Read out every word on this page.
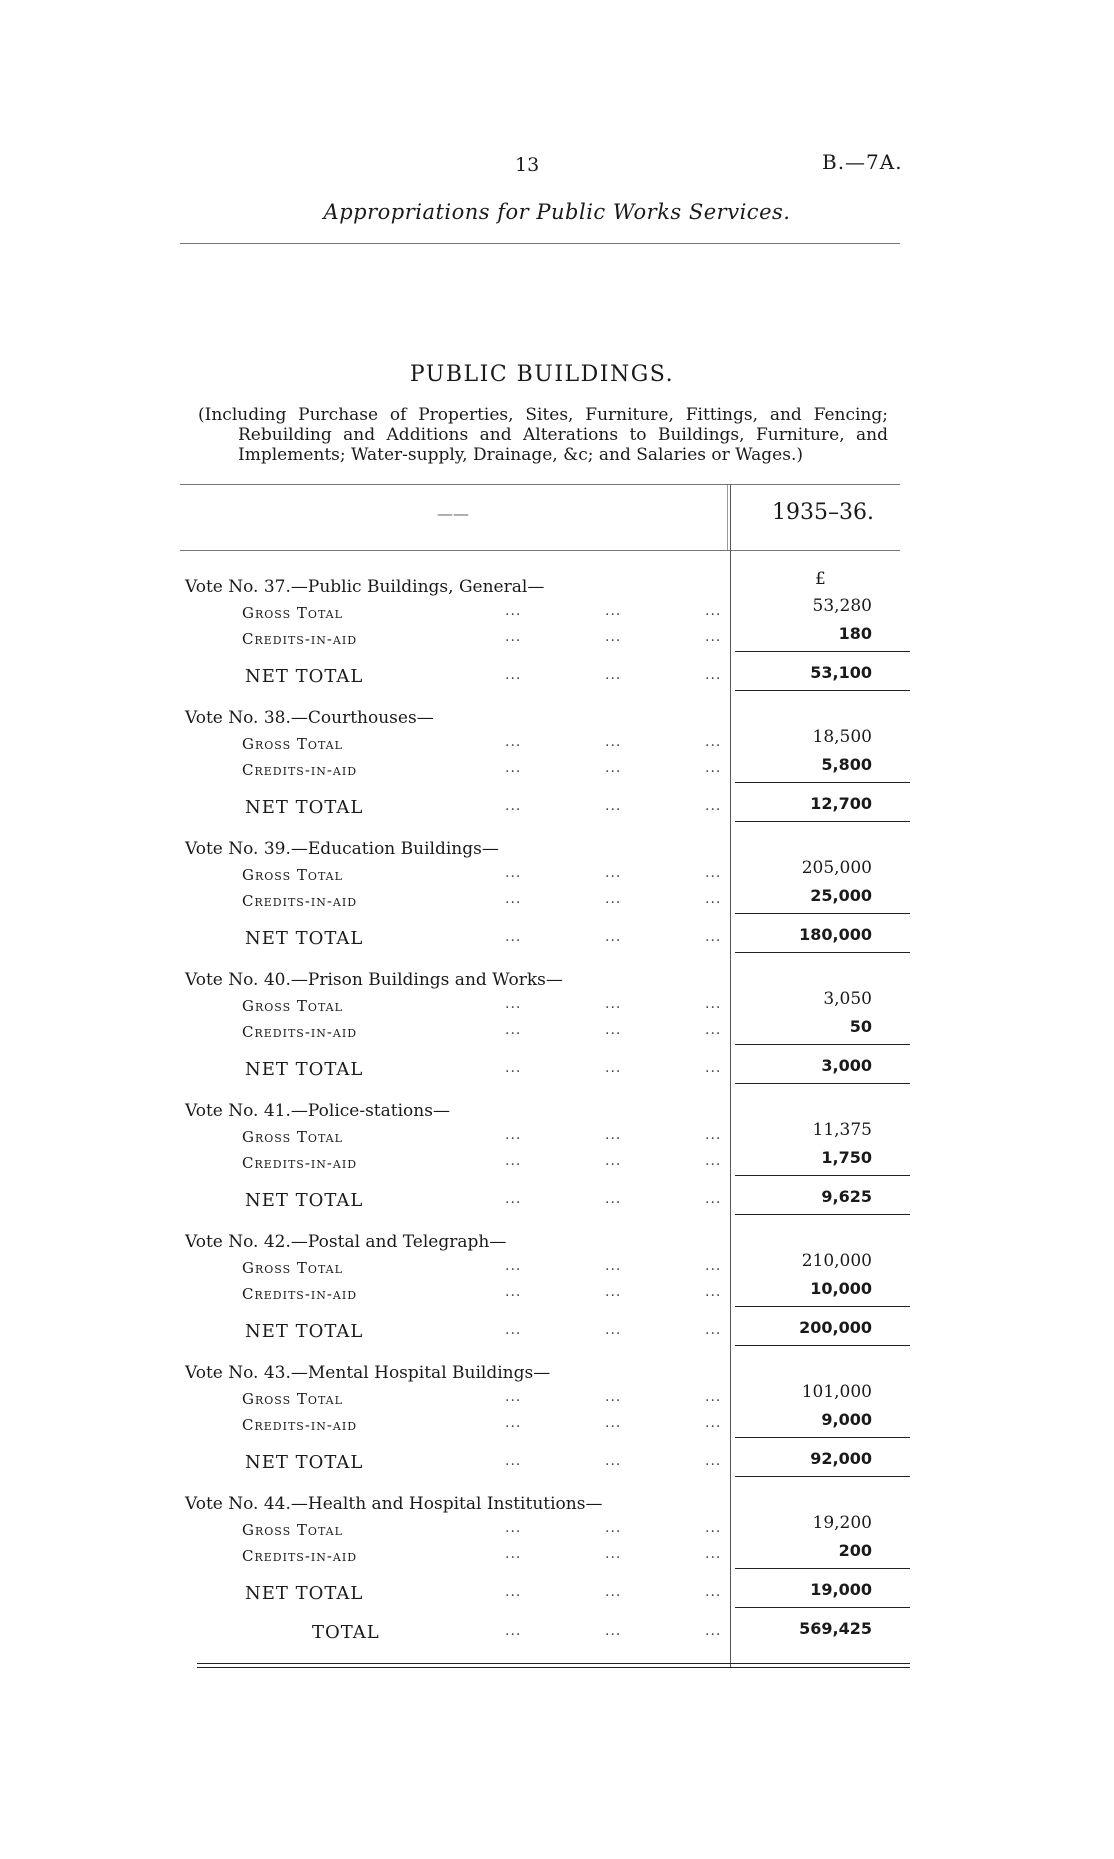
13	B.—7A.
Appropriations for Public Works Services.
PUBLIC BUILDINGS.
(Including Purchase of Properties, Sites, Furniture, Fittings, and Fencing;
Rebuilding and Additions and Alterations to Buildings, Furniture, and
Implements; Water-supply, Drainage, &c; and Salaries or Wages.)
——	1935–36.
£
Vote No. 37.—Public Buildings, General—
Gross Total	...	...	...	53,280
Credits-in-aid	...	...	...	180
NET TOTAL	...	...	...	53,100
Vote No. 38.—Courthouses—
Gross Total	...	...	...	18,500
Credits-in-aid	...	...	...	5,800
NET TOTAL	...	...	...	12,700
Vote No. 39.—Education Buildings—
Gross Total	...	...	...	205,000
Credits-in-aid	...	...	...	25,000
NET TOTAL	...	...	...	180,000
Vote No. 40.—Prison Buildings and Works—
Gross Total	...	...	...	3,050
Credits-in-aid	...	...	...	50
NET TOTAL	...	...	...	3,000
Vote No. 41.—Police-stations—
Gross Total	...	...	...	11,375
Credits-in-aid	...	...	...	1,750
NET TOTAL	...	...	...	9,625
Vote No. 42.—Postal and Telegraph—
Gross Total	...	...	...	210,000
Credits-in-aid	...	...	...	10,000
NET TOTAL	...	...	...	200,000
Vote No. 43.—Mental Hospital Buildings—
Gross Total	...	...	...	101,000
Credits-in-aid	...	...	...	9,000
NET TOTAL	...	...	...	92,000
Vote No. 44.—Health and Hospital Institutions—
Gross Total	...	...	...	19,200
Credits-in-aid	...	...	...	200
NET TOTAL	...	...	...	19,000
TOTAL	...	...	...	569,425
